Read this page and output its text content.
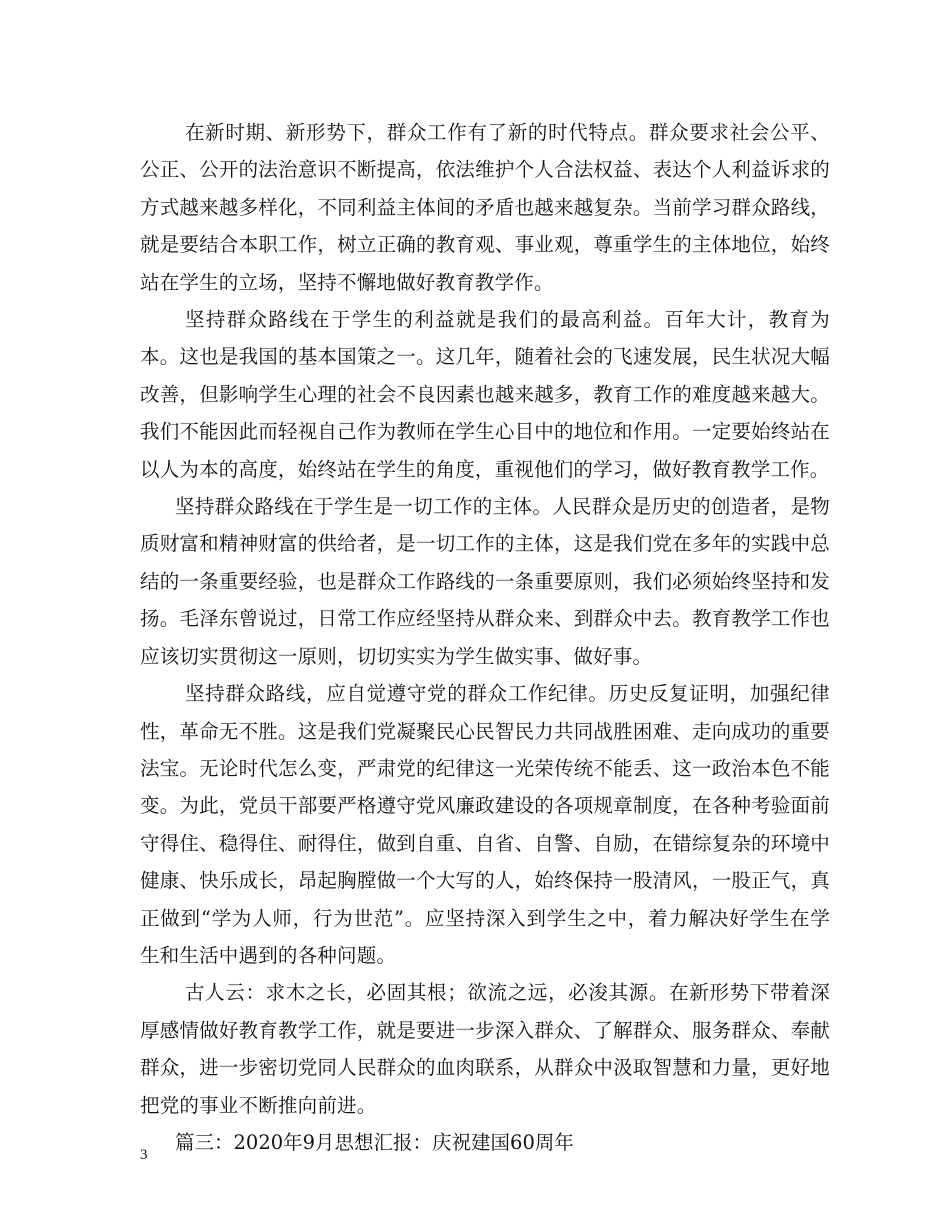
在新时期、新形势下，群众工作有了新的时代特点。群众要求社会公平、公正、公开的法治意识不断提高，依法维护个人合法权益、表达个人利益诉求的方式越来越多样化，不同利益主体间的矛盾也越来越复杂。当前学习群众路线，就是要结合本职工作，树立正确的教育观、事业观，尊重学生的主体地位，始终站在学生的立场，坚持不懈地做好教育教学作。

坚持群众路线在于学生的利益就是我们的最高利益。百年大计，教育为本。这也是我国的基本国策之一。这几年，随着社会的飞速发展，民生状况大幅改善，但影响学生心理的社会不良因素也越来越多，教育工作的难度越来越大。我们不能因此而轻视自己作为教师在学生心目中的地位和作用。一定要始终站在以人为本的高度，始终站在学生的角度，重视他们的学习，做好教育教学工作。

坚持群众路线在于学生是一切工作的主体。人民群众是历史的创造者，是物质财富和精神财富的供给者，是一切工作的主体，这是我们党在多年的实践中总结的一条重要经验，也是群众工作路线的一条重要原则，我们必须始终坚持和发扬。毛泽东曾说过，日常工作应经坚持从群众来、到群众中去。教育教学工作也应该切实贯彻这一原则，切切实实为学生做实事、做好事。

坚持群众路线，应自觉遵守党的群众工作纪律。历史反复证明，加强纪律性，革命无不胜。这是我们党凝聚民心民智民力共同战胜困难、走向成功的重要法宝。无论时代怎么变，严肃党的纪律这一光荣传统不能丢、这一政治本色不能变。为此，党员干部要严格遵守党风廉政建设的各项规章制度，在各种考验面前守得住、稳得住、耐得住，做到自重、自省、自警、自励，在错综复杂的环境中健康、快乐成长，昂起胸膛做一个大写的人，始终保持一股清风，一股正气，真正做到“学为人师，行为世范”。应坚持深入到学生之中，着力解决好学生在学生和生活中遇到的各种问题。

古人云：求木之长，必固其根；欲流之远，必浚其源。在新形势下带着深厚感情做好教育教学工作，就是要进一步深入群众、了解群众、服务群众、奉献群众，进一步密切党同人民群众的血肉联系，从群众中汲取智慧和力量，更好地把党的事业不断推向前进。

篇三：2020年9月思想汇报：庆祝建国60周年

3
